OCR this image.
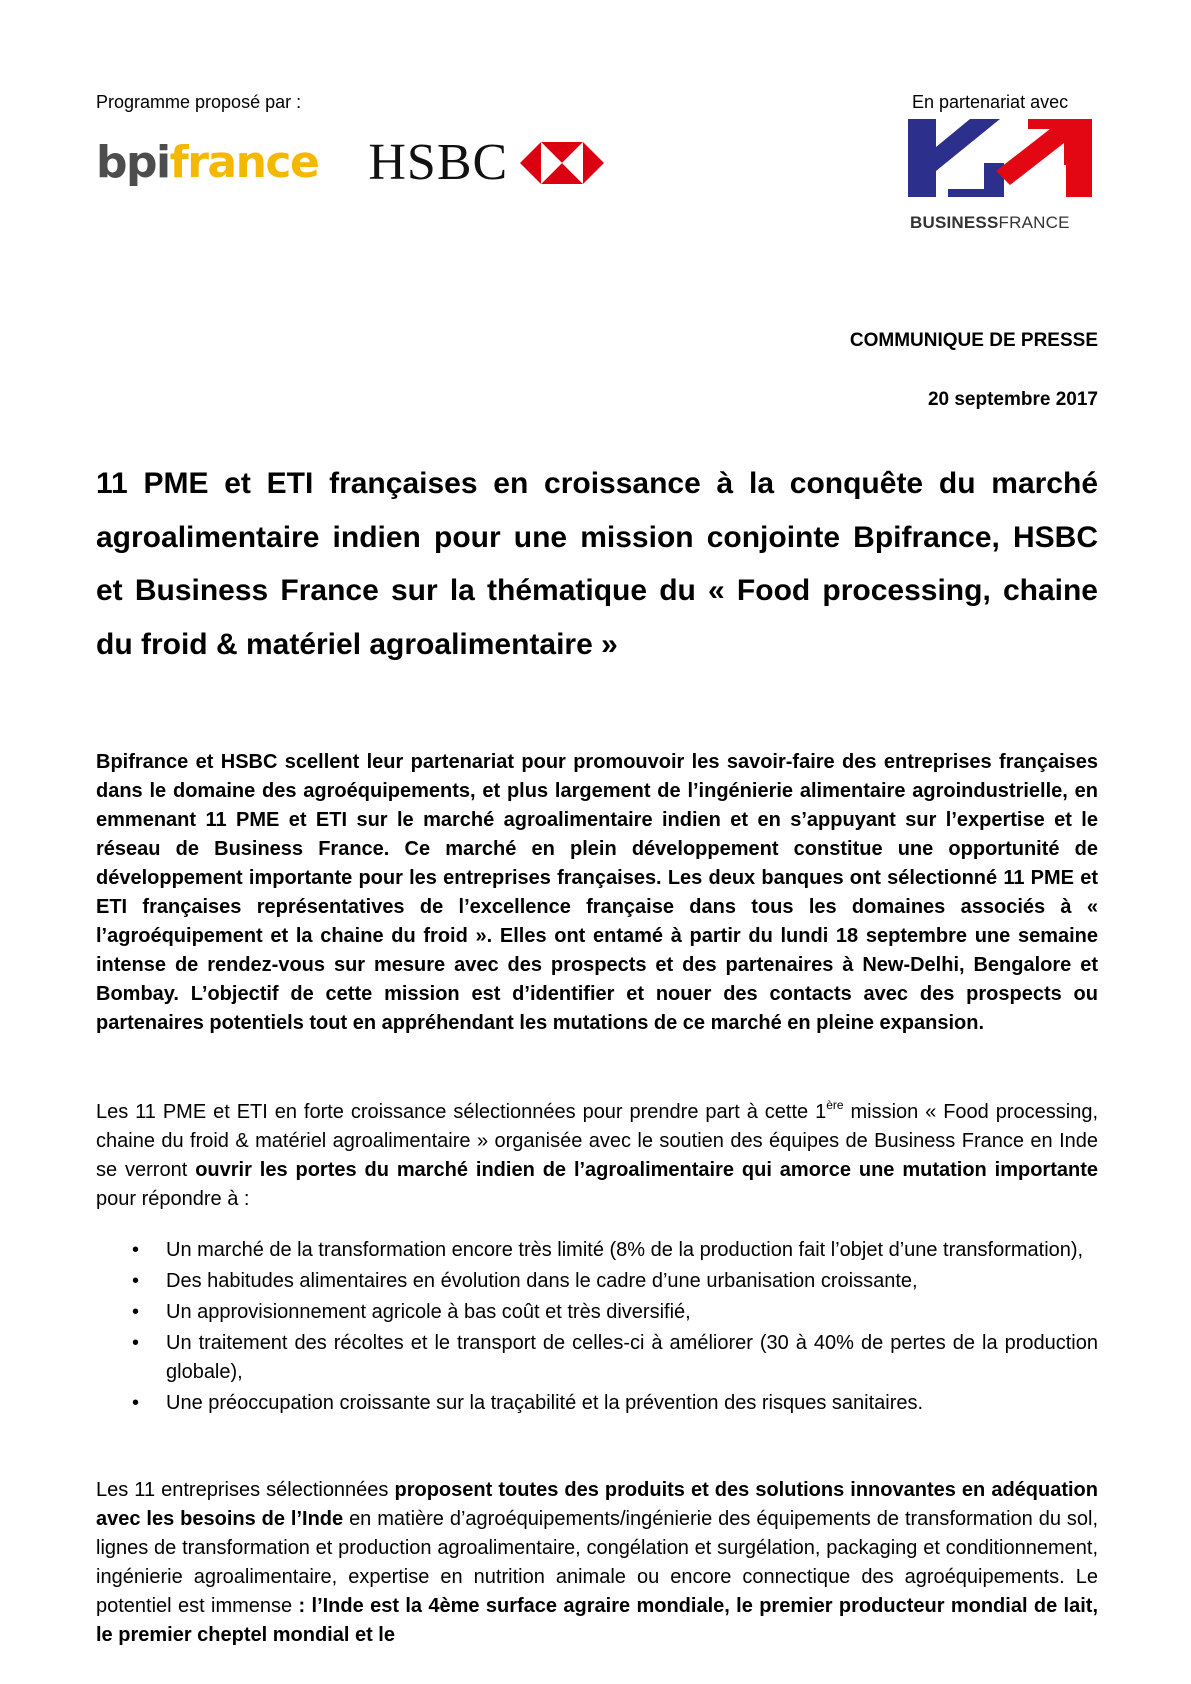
Programme proposé par :

bpifrance HSBC

En partenariat avec

BUSINESSFRANCE
COMMUNIQUE DE PRESSE
20 septembre 2017
11 PME et ETI françaises en croissance à la conquête du marché agroalimentaire indien pour une mission conjointe Bpifrance, HSBC et Business France sur la thématique du « Food processing, chaine du froid & matériel agroalimentaire »

Bpifrance et HSBC scellent leur partenariat pour promouvoir les savoir-faire des entreprises françaises dans le domaine des agroéquipements, et plus largement de l’ingénierie alimentaire agroindustrielle, en emmenant 11 PME et ETI sur le marché agroalimentaire indien et en s’appuyant sur l’expertise et le réseau de Business France. Ce marché en plein développement constitue une opportunité de développement importante pour les entreprises françaises. Les deux banques ont sélectionné 11 PME et ETI françaises représentatives de l’excellence française dans tous les domaines associés à « l’agroéquipement et la chaine du froid ». Elles ont entamé à partir du lundi 18 septembre une semaine intense de rendez-vous sur mesure avec des prospects et des partenaires à New-Delhi, Bengalore et Bombay. L’objectif de cette mission est d’identifier et nouer des contacts avec des prospects ou partenaires potentiels tout en appréhendant les mutations de ce marché en pleine expansion.

Les 11 PME et ETI en forte croissance sélectionnées pour prendre part à cette 1ère mission « Food processing, chaine du froid & matériel agroalimentaire » organisée avec le soutien des équipes de Business France en Inde se verront ouvrir les portes du marché indien de l’agroalimentaire qui amorce une mutation importante pour répondre à :

• Un marché de la transformation encore très limité (8% de la production fait l’objet d’une transformation),
• Des habitudes alimentaires en évolution dans le cadre d’une urbanisation croissante,
• Un approvisionnement agricole à bas coût et très diversifié,
• Un traitement des récoltes et le transport de celles-ci à améliorer (30 à 40% de pertes de la production globale),
• Une préoccupation croissante sur la traçabilité et la prévention des risques sanitaires.

Les 11 entreprises sélectionnées proposent toutes des produits et des solutions innovantes en adéquation avec les besoins de l’Inde en matière d’agroéquipements/ingénierie des équipements de transformation du sol, lignes de transformation et production agroalimentaire, congélation et surgélation, packaging et conditionnement, ingénierie agroalimentaire, expertise en nutrition animale ou encore connectique des agroéquipements. Le potentiel est immense : l’Inde est la 4ème surface agraire mondiale, le premier producteur mondial de lait, le premier cheptel mondial et le
